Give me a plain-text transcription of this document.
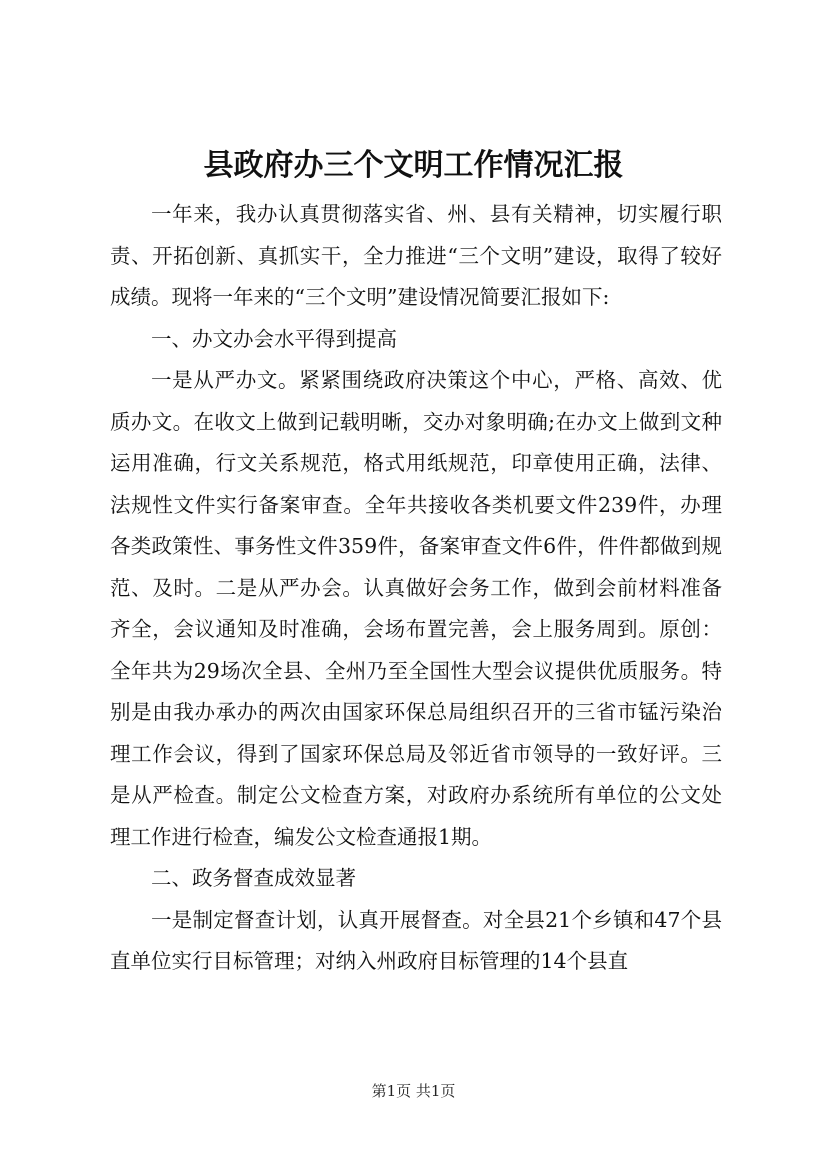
县政府办三个文明工作情况汇报

一年来，我办认真贯彻落实省、州、县有关精神，切实履行职责、开拓创新、真抓实干，全力推进“三个文明”建设，取得了较好成绩。现将一年来的“三个文明”建设情况简要汇报如下:

一、办文办会水平得到提高

一是从严办文。紧紧围绕政府决策这个中心，严格、高效、优质办文。在收文上做到记载明晰，交办对象明确;在办文上做到文种运用准确，行文关系规范，格式用纸规范，印章使用正确，法律、法规性文件实行备案审查。全年共接收各类机要文件239件，办理各类政策性、事务性文件359件，备案审查文件6件，件件都做到规范、及时。二是从严办会。认真做好会务工作，做到会前材料准备齐全，会议通知及时准确，会场布置完善，会上服务周到。原创：全年共为29场次全县、全州乃至全国性大型会议提供优质服务。特别是由我办承办的两次由国家环保总局组织召开的三省市锰污染治理工作会议，得到了国家环保总局及邻近省市领导的一致好评。三是从严检查。制定公文检查方案，对政府办系统所有单位的公文处理工作进行检查，编发公文检查通报1期。

二、政务督查成效显著

一是制定督查计划，认真开展督查。对全县21个乡镇和47个县直单位实行目标管理；对纳入州政府目标管理的14个县直

第1页 共1页
